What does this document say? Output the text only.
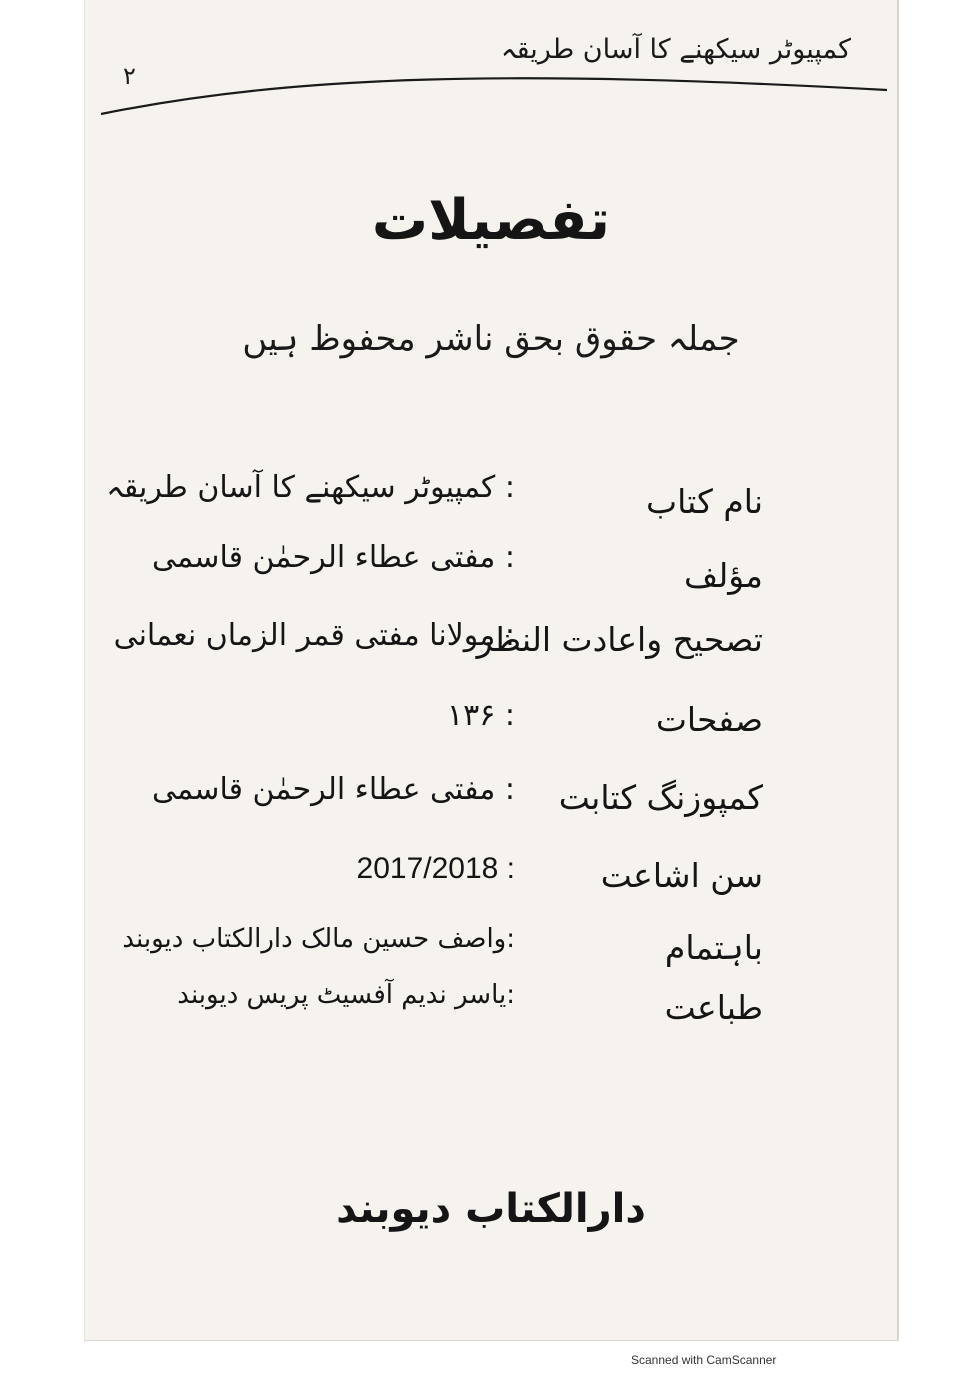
کمپیوٹر سیکھنے کا آسان طریقہ
۲
تفصیلات
جملہ حقوق بحق ناشر محفوظ ہیں
نام کتاب
: کمپیوٹر سیکھنے کا آسان طریقہ
مؤلف
: مفتی عطاء الرحمٰن قاسمی
تصحیح واعادت النظر
: مولانا مفتی قمر الزماں نعمانی
صفحات
: ۱۳۶
کمپوزنگ کتابت
: مفتی عطاء الرحمٰن قاسمی
سن اشاعت
2017/2018 :
باہتمام
:واصف حسین مالک دارالکتاب دیوبند
طباعت
:یاسر ندیم آفسیٹ پریس دیوبند
دارالکتاب دیوبند
Scanned with CamScanner
